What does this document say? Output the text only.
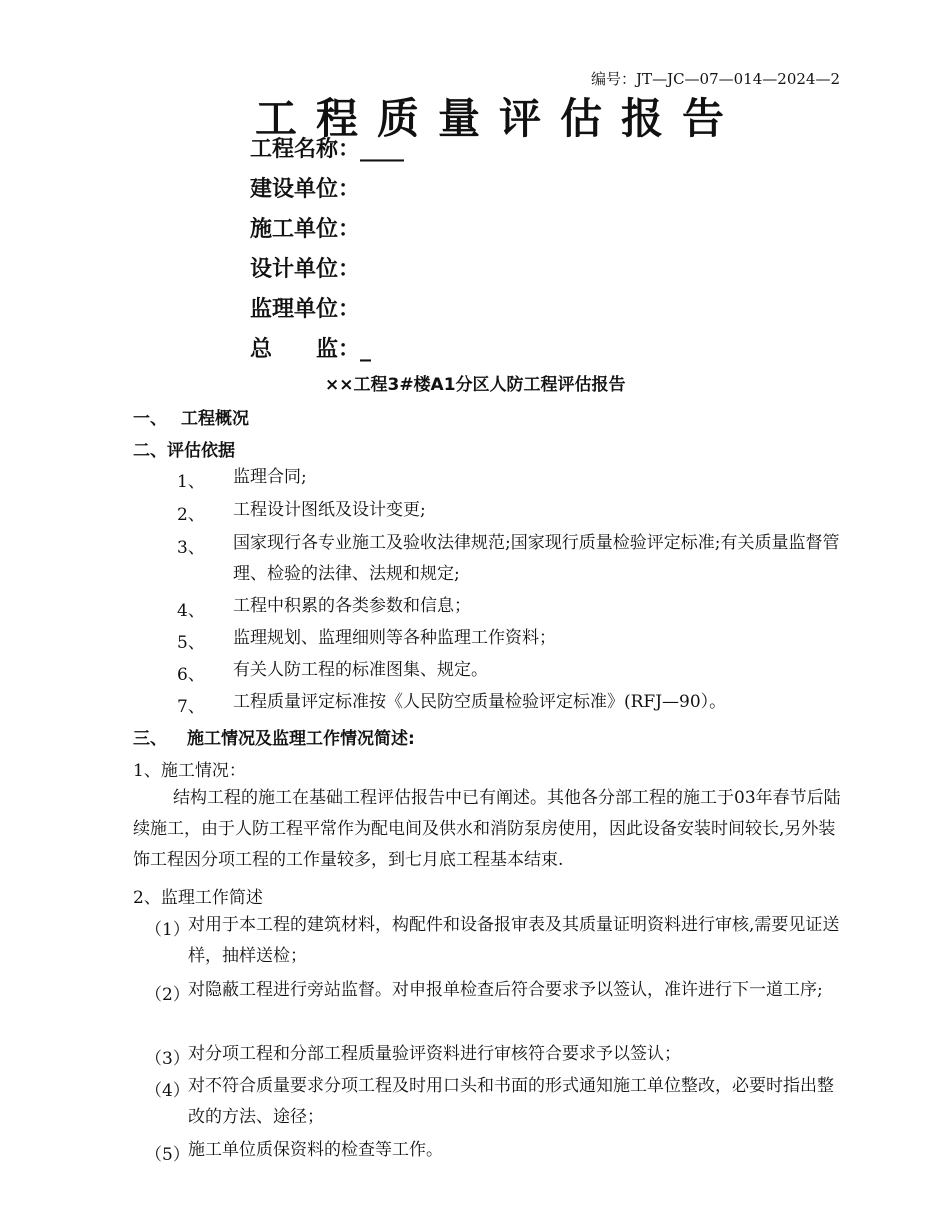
编号：JT—JC—07—014—2024—2
工程质量评估报告
工程名称：____
建设单位：
施工单位：
设计单位：
监理单位：
总　　监：_
××工程3#楼A1分区人防工程评估报告
一、 工程概况
二、评估依据
1、 监理合同;
2、 工程设计图纸及设计变更;
3、 国家现行各专业施工及验收法律规范;国家现行质量检验评定标准;有关质量监督管理、检验的法律、法规和规定;
4、 工程中积累的各类参数和信息；
5、 监理规划、监理细则等各种监理工作资料；
6、 有关人防工程的标准图集、规定。
7、 工程质量评定标准按《人民防空质量检验评定标准》(RFJ—90）。
三、 施工情况及监理工作情况简述:
1、施工情况：
结构工程的施工在基础工程评估报告中已有阐述。其他各分部工程的施工于03年春节后陆续施工，由于人防工程平常作为配电间及供水和消防泵房使用，因此设备安装时间较长,另外装饰工程因分项工程的工作量较多，到七月底工程基本结束.
2、监理工作简述
（1）
对用于本工程的建筑材料，构配件和设备报审表及其质量证明资料进行审核,需要见证送样，抽样送检；
（2）
对隐蔽工程进行旁站监督。对申报单检查后符合要求予以签认，准许进行下一道工序;
（3）
对分项工程和分部工程质量验评资料进行审核符合要求予以签认；
（4）
对不符合质量要求分项工程及时用口头和书面的形式通知施工单位整改，必要时指出整改的方法、途径；
（5）
施工单位质保资料的检查等工作。
